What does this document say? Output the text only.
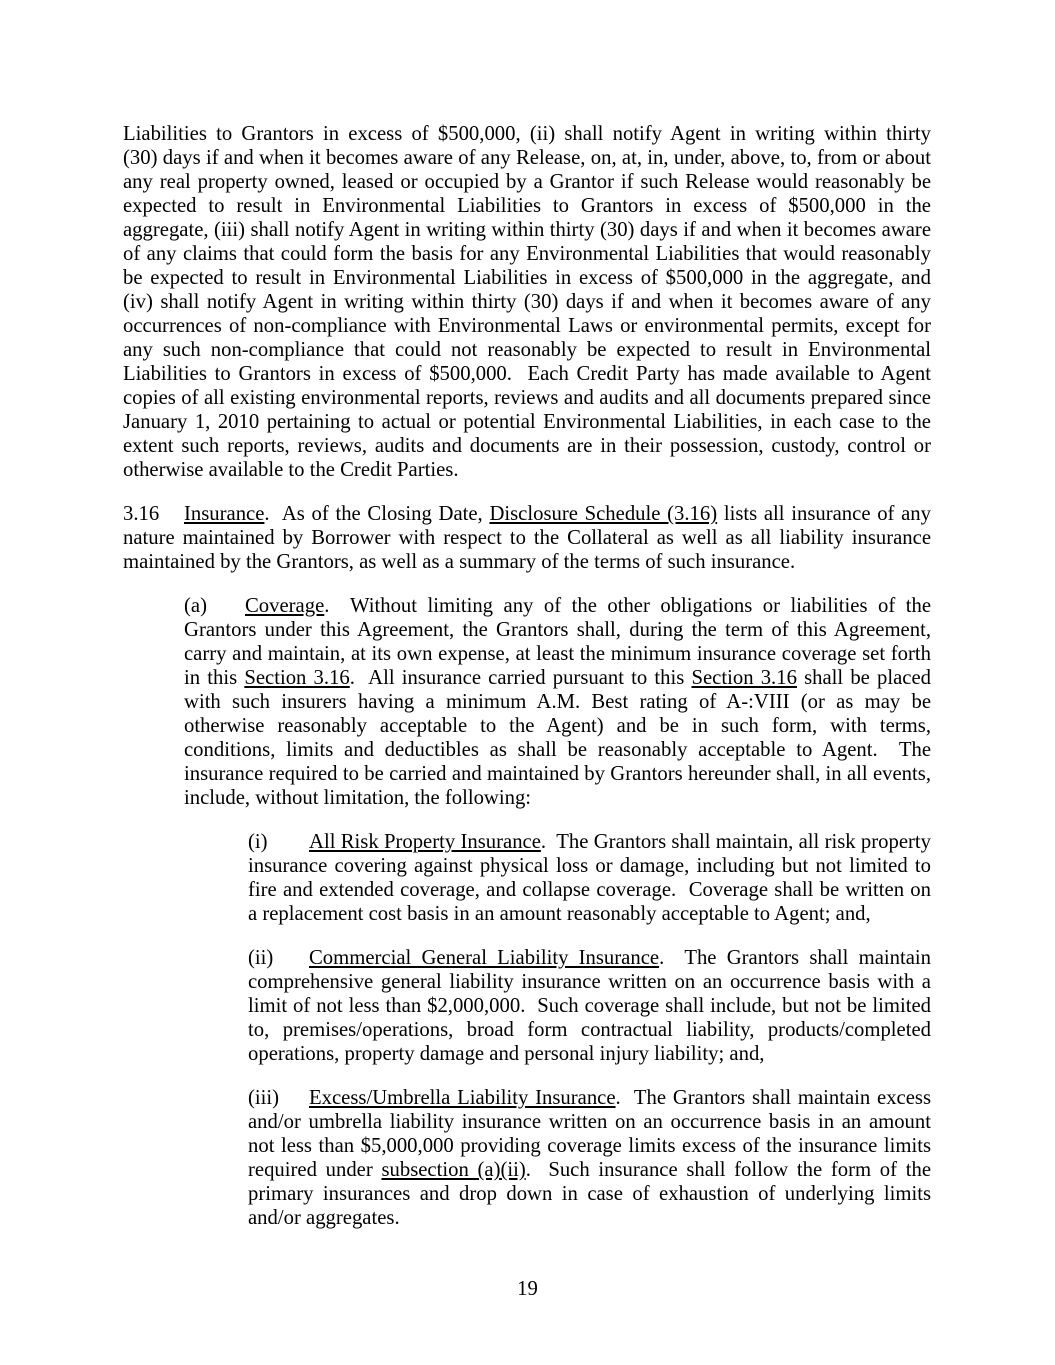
Liabilities to Grantors in excess of $500,000, (ii) shall notify Agent in writing within thirty (30) days if and when it becomes aware of any Release, on, at, in, under, above, to, from or about any real property owned, leased or occupied by a Grantor if such Release would reasonably be expected to result in Environmental Liabilities to Grantors in excess of $500,000 in the aggregate, (iii) shall notify Agent in writing within thirty (30) days if and when it becomes aware of any claims that could form the basis for any Environmental Liabilities that would reasonably be expected to result in Environmental Liabilities in excess of $500,000 in the aggregate, and (iv) shall notify Agent in writing within thirty (30) days if and when it becomes aware of any occurrences of non-compliance with Environmental Laws or environmental permits, except for any such non-compliance that could not reasonably be expected to result in Environmental Liabilities to Grantors in excess of $500,000.  Each Credit Party has made available to Agent copies of all existing environmental reports, reviews and audits and all documents prepared since January 1, 2010 pertaining to actual or potential Environmental Liabilities, in each case to the extent such reports, reviews, audits and documents are in their possession, custody, control or otherwise available to the Credit Parties.

3.16 Insurance.  As of the Closing Date, Disclosure Schedule (3.16) lists all insurance of any nature maintained by Borrower with respect to the Collateral as well as all liability insurance maintained by the Grantors, as well as a summary of the terms of such insurance.

(a) Coverage.  Without limiting any of the other obligations or liabilities of the Grantors under this Agreement, the Grantors shall, during the term of this Agreement, carry and maintain, at its own expense, at least the minimum insurance coverage set forth in this Section 3.16.  All insurance carried pursuant to this Section 3.16 shall be placed with such insurers having a minimum A.M. Best rating of A-:VIII (or as may be otherwise reasonably acceptable to the Agent) and be in such form, with terms, conditions, limits and deductibles as shall be reasonably acceptable to Agent.  The insurance required to be carried and maintained by Grantors hereunder shall, in all events, include, without limitation, the following:

(i) All Risk Property Insurance.  The Grantors shall maintain, all risk property insurance covering against physical loss or damage, including but not limited to fire and extended coverage, and collapse coverage.  Coverage shall be written on a replacement cost basis in an amount reasonably acceptable to Agent; and,

(ii) Commercial General Liability Insurance.  The Grantors shall maintain comprehensive general liability insurance written on an occurrence basis with a limit of not less than $2,000,000.  Such coverage shall include, but not be limited to, premises/operations, broad form contractual liability, products/completed operations, property damage and personal injury liability; and,

(iii) Excess/Umbrella Liability Insurance.  The Grantors shall maintain excess and/or umbrella liability insurance written on an occurrence basis in an amount not less than $5,000,000 providing coverage limits excess of the insurance limits required under subsection (a)(ii).  Such insurance shall follow the form of the primary insurances and drop down in case of exhaustion of underlying limits and/or aggregates.

19
